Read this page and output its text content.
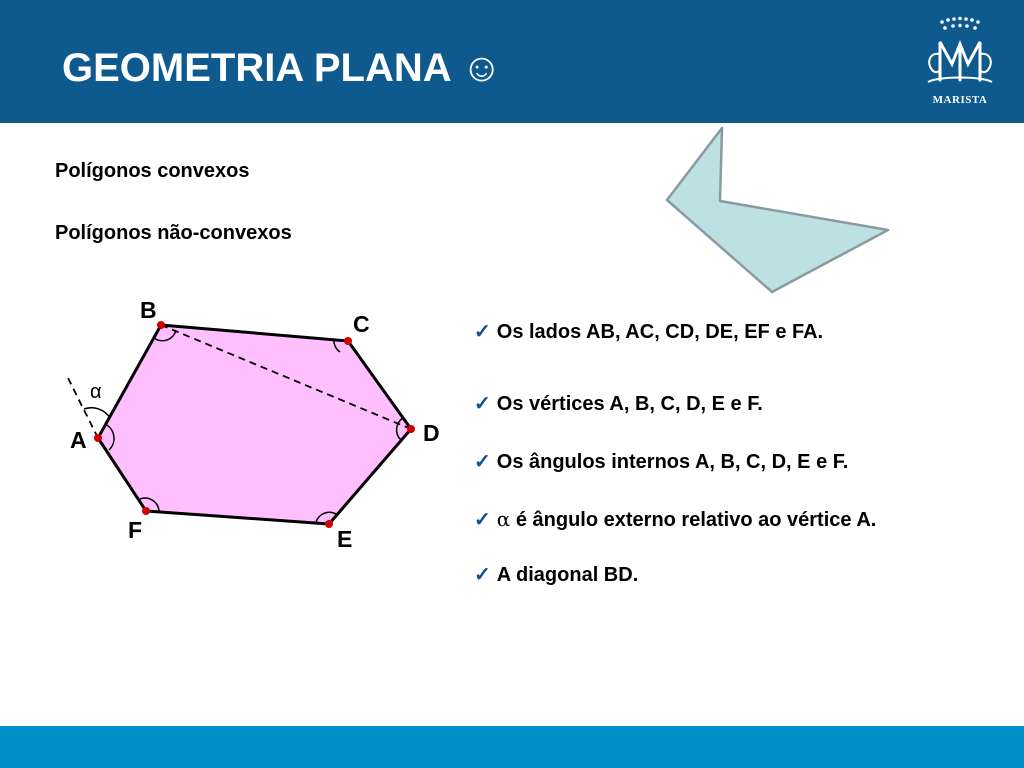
GEOMETRIA PLANA ☺
MARISTA
Polígonos convexos
Polígonos não-convexos
A
B
C
D
E
F
α
✓ Os lados AB, AC, CD, DE, EF e FA.
✓ Os vértices A, B, C, D, E e F.
✓ Os ângulos internos A, B, C, D, E e F.
✓ α é ângulo externo relativo ao vértice A.
✓ A diagonal BD.
